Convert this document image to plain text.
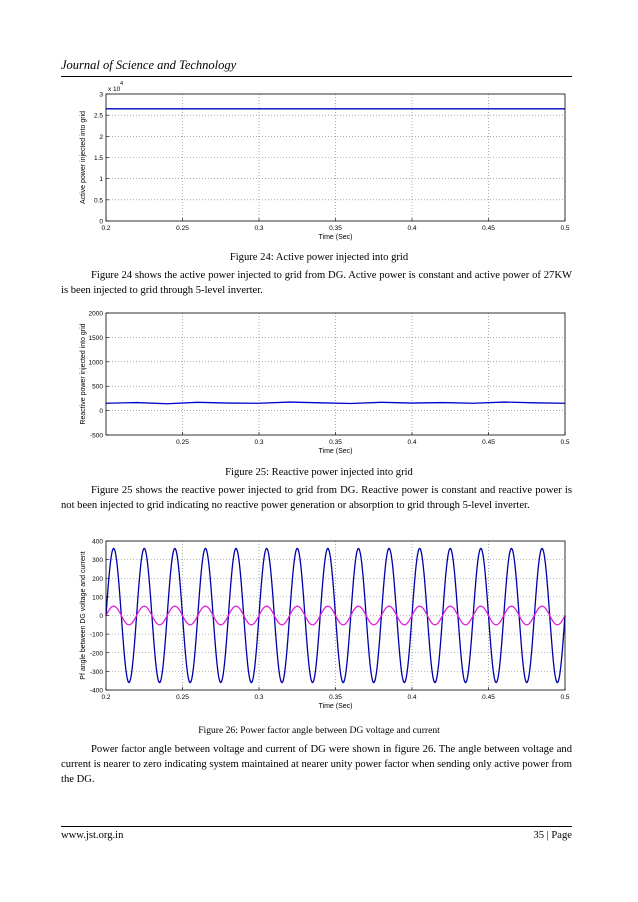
Journal of Science and Technology
0.2	0.25	0.3	0.35	0.4	0.45	0.5
0
0.5
1
1.5
2
2.5
3
Time (Sec)
Active power injected into grid
x 10
4
Figure 24: Active power injected into grid

Figure 24 shows the active power injected to grid from DG. Active power is constant and active power of 27KW is been injected to grid through 5-level inverter.

0.25	0.3	0.35	0.4	0.45	0.5
-500
0
500
1000
1500
2000
Time (Sec)
Reactive power injected into grid
Figure 25: Reactive power injected into grid

Figure 25 shows the reactive power injected to grid from DG. Reactive power is constant and reactive power is not been injected to grid indicating no reactive power generation or absorption to grid through 5-level inverter.

0.2	0.25	0.3	0.35	0.4	0.45	0.5
-400
-300
-200
-100
0
100
200
300
400
Time (Sec)
Pf angle between DG voltage and current
Figure 26: Power factor angle between DG voltage and current

Power factor angle between voltage and current of DG were shown in figure 26. The angle between voltage and current is nearer to zero indicating system maintained at nearer unity power factor when sending only active power from the DG.

www.jst.org.in	35 | Page
